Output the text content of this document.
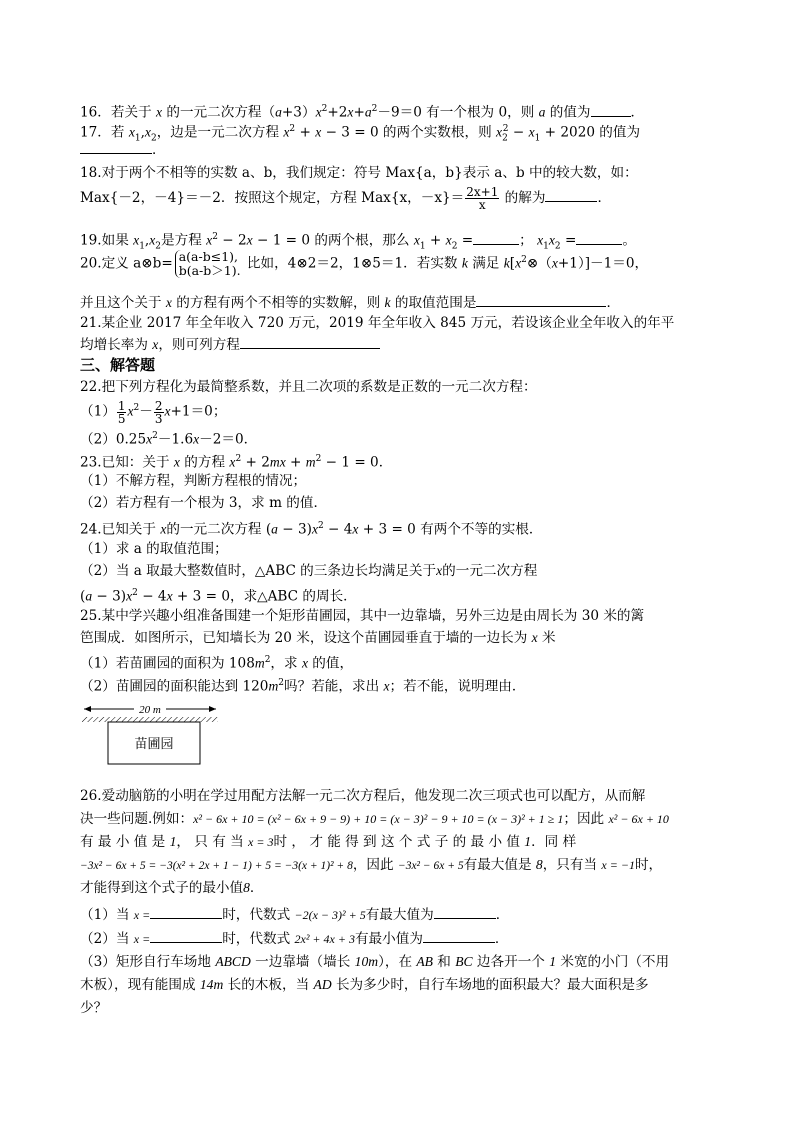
16．若关于 x 的一元二次方程$(a+3)x^2+2x+a^2-9=0$ 有一个根为 0，则 a 的值为	．
17．若 $x_1,x_2$，边是一元二次方程 $x^2 + x - 3 = 0$ 的两个实数根，则 $x_2^2 - x_1 + 2020$ 的值为
．
18.对于两个不相等的实数 a、b，我们规定：符号 Max{a，b}表示 a、b 中的较大数，如：
Max{－2，－4}＝－2．按照这个规定，方程 Max{x，$-x\}= \frac{2x+1}{x}$ 的解为	．
19.如果 $x_1,x_2$是方程 $x^2 - 2x - 1 = 0$ 的两个根，那么 $x_1 + x_2$ =	； $x_1x_2$ =	。
20.定义 a⊗b= a(a-b≤1),
b(a-b＞1). 比如，4⊗2＝2，1⊗5＝1．若实数 k 满足 $k[x^2\otimes(x+1)]-1=0$，
并且这个关于 x 的方程有两个不相等的实数解，则 k 的取值范围是	．
21.某企业 2017 年全年收入 720 万元，2019 年全年收入 845 万元，若设该企业全年收入的年平
均增长率为 x，则可列方程
三、解答题
22.把下列方程化为最简整系数，并且二次项的系数是正数的一元二次方程：
$(1) \frac{1}{5} x^2- \frac{2}{3} x+1=0$；
$(2)0.25x^2-1.6x-2=0$．
23.已知：关于 x 的方程 $x^2 + 2mx + m^2 - 1 = 0$．
（1）不解方程，判断方程根的情况；
（2）若方程有一个根为 3，求 m 的值．
24.已知关于 x的一元二次方程 $(a - 3)x^2 - 4x + 3 = 0$ 有两个不等的实根．
（1）求 a 的取值范围；
（2）当 a 取最大整数值时，△ABC 的三条边长均满足关于x的一元二次方程
$(a - 3)x^2 - 4x + 3 = 0$，求△ABC 的周长．
25.某中学兴趣小组准备围建一个矩形苗圃园，其中一边靠墙，另外三边是由周长为 30 米的篱
笆围成．如图所示，已知墙长为 20 米，设这个苗圃园垂直于墙的一边长为 x 米
（1）若苗圃园的面积为 $108m^2$，求 x 的值，
（2）苗圃园的面积能达到 $120m^2$吗？若能，求出 x；若不能，说明理由．
20 m
苗圃园
26.爱动脑筋的小明在学过用配方法解一元二次方程后，他发现二次三项式也可以配方，从而解
决一些问题.例如：x² − 6x + 10 = (x² − 6x + 9 − 9) + 10 = (x − 3)² − 9 + 10 = (x − 3)² + 1 ≥ 1；因此 x² − 6x + 10
有 最 小 值 是 1， 只 有 当 x = 3时 ， 才 能 得 到 这 个 式 子 的 最 小 值 1．同 样
−3x² − 6x + 5 = −3(x² + 2x + 1 − 1) + 5 = −3(x + 1)² + 8，因此 −3x² − 6x + 5有最大值是 8，只有当 x = −1时，
才能得到这个式子的最小值8．
（1）当 x =	时，代数式 −2(x − 3)² + 5有最大值为	．
（2）当 x =	时，代数式 2x² + 4x + 3有最小值为	．
（3）矩形自行车场地 ABCD 一边靠墙（墙长 10m），在 AB 和 BC 边各开一个 1 米宽的小门（不用
木板），现有能围成 14m 长的木板，当 AD 长为多少时，自行车场地的面积最大？最大面积是多
少？
